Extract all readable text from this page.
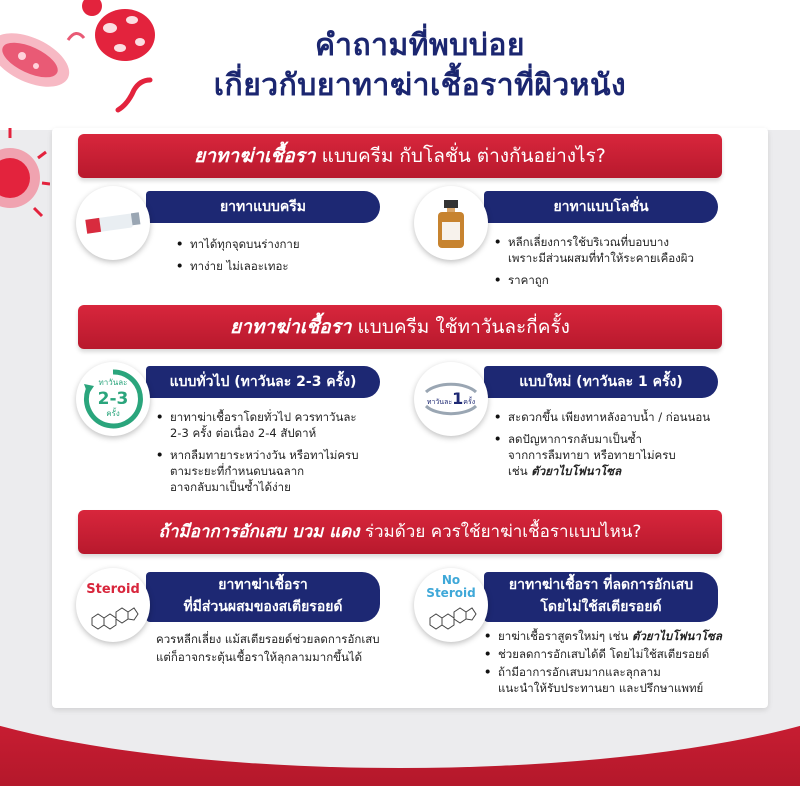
คำถามที่พบบ่อย
เกี่ยวกับยาทาฆ่าเชื้อราที่ผิวหนัง
ยาทาฆ่าเชื้อรา แบบครีม กับโลชั่น ต่างกันอย่างไร?
ยาทาแบบครีม
• ทาได้ทุกจุดบนร่างกาย
• ทาง่าย ไม่เลอะเทอะ
ยาทาแบบโลชั่น
• หลีกเลี่ยงการใช้บริเวณที่บอบบาง
เพราะมีส่วนผสมที่ทำให้ระคายเคืองผิว
• ราคาถูก
ยาทาฆ่าเชื้อรา แบบครีม ใช้ทาวันละกี่ครั้ง
แบบทั่วไป (ทาวันละ 2-3 ครั้ง)
ทาวันละ
2-3
ครั้ง
•	ยาทาฆ่าเชื้อราโดยทั่วไป ควรทาวันละ
2-3 ครั้ง ต่อเนื่อง 2-4 สัปดาห์
• หากลืมทายาระหว่างวัน หรือทาไม่ครบ
ตามระยะที่กำหนดบนฉลาก
อาจกลับมาเป็นซ้ำได้ง่าย
แบบใหม่ (ทาวันละ 1 ครั้ง)
ทาวันละ1ครั้ง
• สะดวกขึ้น เพียงทาหลังอาบน้ำ / ก่อนนอน
• ลดปัญหาการกลับมาเป็นซ้ำ
จากการลืมทายา หรือทายาไม่ครบ
เช่น ตัวยาไบโฟนาโซล
ถ้ามีอาการอักเสบ บวม แดง ร่วมด้วย ควรใช้ยาฆ่าเชื้อราแบบไหน?
ยาทาฆ่าเชื้อรา
ที่มีส่วนผสมของสเตียรอยด์
Steroid
ควรหลีกเลี่ยง แม้สเตียรอยด์ช่วยลดการอักเสบ
แต่ก็อาจกระตุ้นเชื้อราให้ลุกลามมากขึ้นได้
ยาทาฆ่าเชื้อรา ที่ลดการอักเสบ
โดยไม่ใช้สเตียรอยด์
No
Steroid
• ยาฆ่าเชื้อราสูตรใหม่ๆ เช่น ตัวยาไบโฟนาโซล
• ช่วยลดการอักเสบได้ดี โดยไม่ใช้สเตียรอยด์
• ถ้ามีอาการอักเสบมากและลุกลาม
แนะนำให้รับประทานยา และปรึกษาแพทย์
